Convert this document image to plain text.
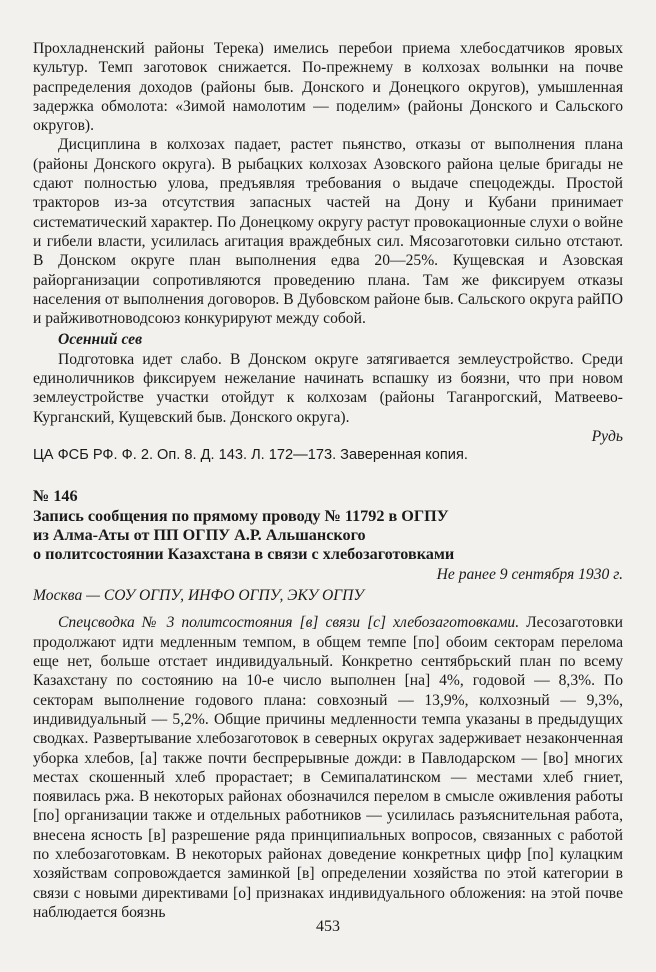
Прохладненский районы Терека) имелись перебои приема хлебосдатчиков яровых культур. Темп заготовок снижается. По-прежнему в колхозах волынки на почве распределения доходов (районы быв. Донского и Донецкого округов), умышленная задержка обмолота: «Зимой намолотим — поделим» (районы Донского и Сальского округов).

Дисциплина в колхозах падает, растет пьянство, отказы от выполнения плана (районы Донского округа). В рыбацких колхозах Азовского района целые бригады не сдают полностью улова, предъявляя требования о выдаче спецодежды. Простой тракторов из-за отсутствия запасных частей на Дону и Кубани принимает систематический характер. По Донецкому округу растут провокационные слухи о войне и гибели власти, усилилась агитация враждебных сил. Мясозаготовки сильно отстают. В Донском округе план выполнения едва 20—25%. Кущевская и Азовская райорганизации сопротивляются проведению плана. Там же фиксируем отказы населения от выполнения договоров. В Дубовском районе быв. Сальского округа райПО и райживотноводсоюз конкурируют между собой.

Осенний сев

Подготовка идет слабо. В Донском округе затягивается землеустройство. Среди единоличников фиксируем нежелание начинать вспашку из боязни, что при новом землеустройстве участки отойдут к колхозам (районы Таганрогский, Матвеево-Курганский, Кущевский быв. Донского округа).

Рудь

ЦА ФСБ РФ. Ф. 2. Оп. 8. Д. 143. Л. 172—173. Заверенная копия.

№ 146

Запись сообщения по прямому проводу № 11792 в ОГПУ

из Алма-Аты от ПП ОГПУ А.Р. Альшанского

о политсостоянии Казахстана в связи с хлебозаготовками

Не ранее 9 сентября 1930 г.

Москва — СОУ ОГПУ, ИНФО ОГПУ, ЭКУ ОГПУ

Спецсводка № 3 политсостояния [в] связи [с] хлебозаготовками. Лесозаготовки продолжают идти медленным темпом, в общем темпе [по] обоим секторам перелома еще нет, больше отстает индивидуальный. Конкретно сентябрьский план по всему Казахстану по состоянию на 10-е число выполнен [на] 4%, годовой — 8,3%. По секторам выполнение годового плана: совхозный — 13,9%, колхозный — 9,3%, индивидуальный — 5,2%. Общие причины медленности темпа указаны в предыдущих сводках. Развертывание хлебозаготовок в северных округах задерживает незаконченная уборка хлебов, [а] также почти беспрерывные дожди: в Павлодарском — [во] многих местах скошенный хлеб прорастает; в Семипалатинском — местами хлеб гниет, появилась ржа. В некоторых районах обозначился перелом в смысле оживления работы [по] организации также и отдельных работников — усилилась разъяснительная работа, внесена ясность [в] разрешение ряда принципиальных вопросов, связанных с работой по хлебозаготовкам. В некоторых районах доведение конкретных цифр [по] кулацким хозяйствам сопровождается заминкой [в] определении хозяйства по этой категории в связи с новыми директивами [о] признаках индивидуального обложения: на этой почве наблюдается боязнь

453
